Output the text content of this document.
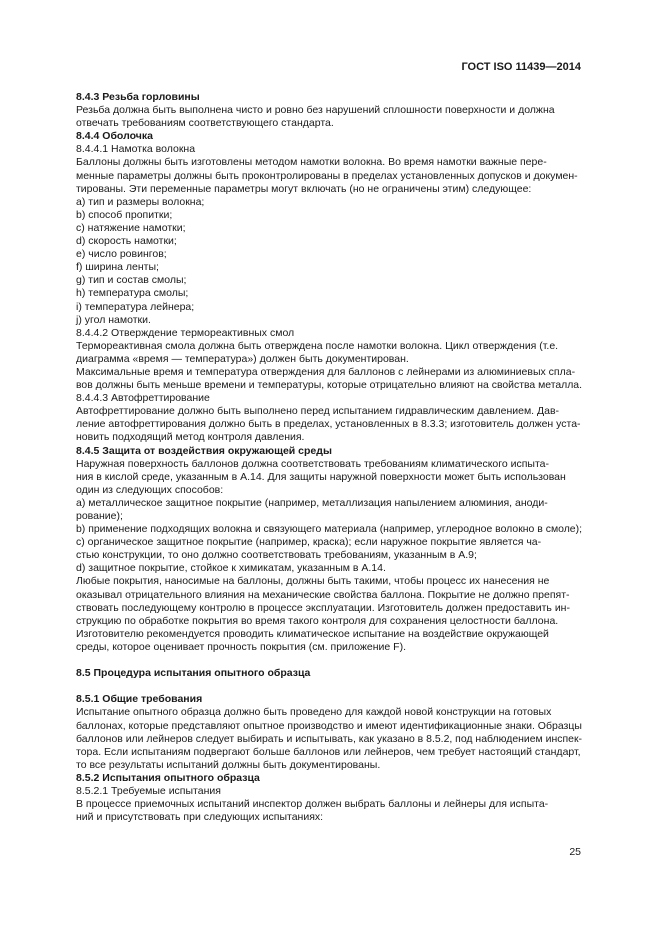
ГОСТ ISO 11439—2014
8.4.3 Резьба горловины
Резьба должна быть выполнена чисто и ровно без нарушений сплошности поверхности и должна
отвечать требованиям соответствующего стандарта.
8.4.4 Оболочка
8.4.4.1 Намотка волокна
Баллоны должны быть изготовлены методом намотки волокна. Во время намотки важные пере-
менные параметры должны быть проконтролированы в пределах установленных допусков и докумен-
тированы. Эти переменные параметры могут включать (но не ограничены этим) следующее:
a) тип и размеры волокна;
b) способ пропитки;
c) натяжение намотки;
d) скорость намотки;
e) число ровингов;
f) ширина ленты;
g) тип и состав смолы;
h) температура смолы;
i) температура лейнера;
j) угол намотки.
8.4.4.2 Отверждение термореактивных смол
Термореактивная смола должна быть отверждена после намотки волокна. Цикл отверждения (т.е.
диаграмма «время — температура») должен быть документирован.
Максимальные время и температура отверждения для баллонов с лейнерами из алюминиевых спла-
вов должны быть меньше времени и температуры, которые отрицательно влияют на свойства металла.
8.4.4.3 Автофреттирование
Автофреттирование должно быть выполнено перед испытанием гидравлическим давлением. Дав-
ление автофреттирования должно быть в пределах, установленных в 8.3.3; изготовитель должен уста-
новить подходящий метод контроля давления.
8.4.5 Защита от воздействия окружающей среды
Наружная поверхность баллонов должна соответствовать требованиям климатического испыта-
ния в кислой среде, указанным в А.14. Для защиты наружной поверхности может быть использован
один из следующих способов:
a) металлическое защитное покрытие (например, металлизация напылением алюминия, аноди-
рование);
b) применение подходящих волокна и связующего материала (например, углеродное волокно в смоле);
c) органическое защитное покрытие (например, краска); если наружное покрытие является ча-
стью конструкции, то оно должно соответствовать требованиям, указанным в А.9;
d) защитное покрытие, стойкое к химикатам, указанным в А.14.
Любые покрытия, наносимые на баллоны, должны быть такими, чтобы процесс их нанесения не
оказывал отрицательного влияния на механические свойства баллона. Покрытие не должно препят-
ствовать последующему контролю в процессе эксплуатации. Изготовитель должен предоставить ин-
струкцию по обработке покрытия во время такого контроля для сохранения целостности баллона.
Изготовителю рекомендуется проводить климатическое испытание на воздействие окружающей
среды, которое оценивает прочность покрытия (см. приложение F).
8.5 Процедура испытания опытного образца
8.5.1 Общие требования
Испытание опытного образца должно быть проведено для каждой новой конструкции на готовых
баллонах, которые представляют опытное производство и имеют идентификационные знаки. Образцы
баллонов или лейнеров следует выбирать и испытывать, как указано в 8.5.2, под наблюдением инспек-
тора. Если испытаниям подвергают больше баллонов или лейнеров, чем требует настоящий стандарт,
то все результаты испытаний должны быть документированы.
8.5.2 Испытания опытного образца
8.5.2.1 Требуемые испытания
В процессе приемочных испытаний инспектор должен выбрать баллоны и лейнеры для испыта-
ний и присутствовать при следующих испытаниях:
25
